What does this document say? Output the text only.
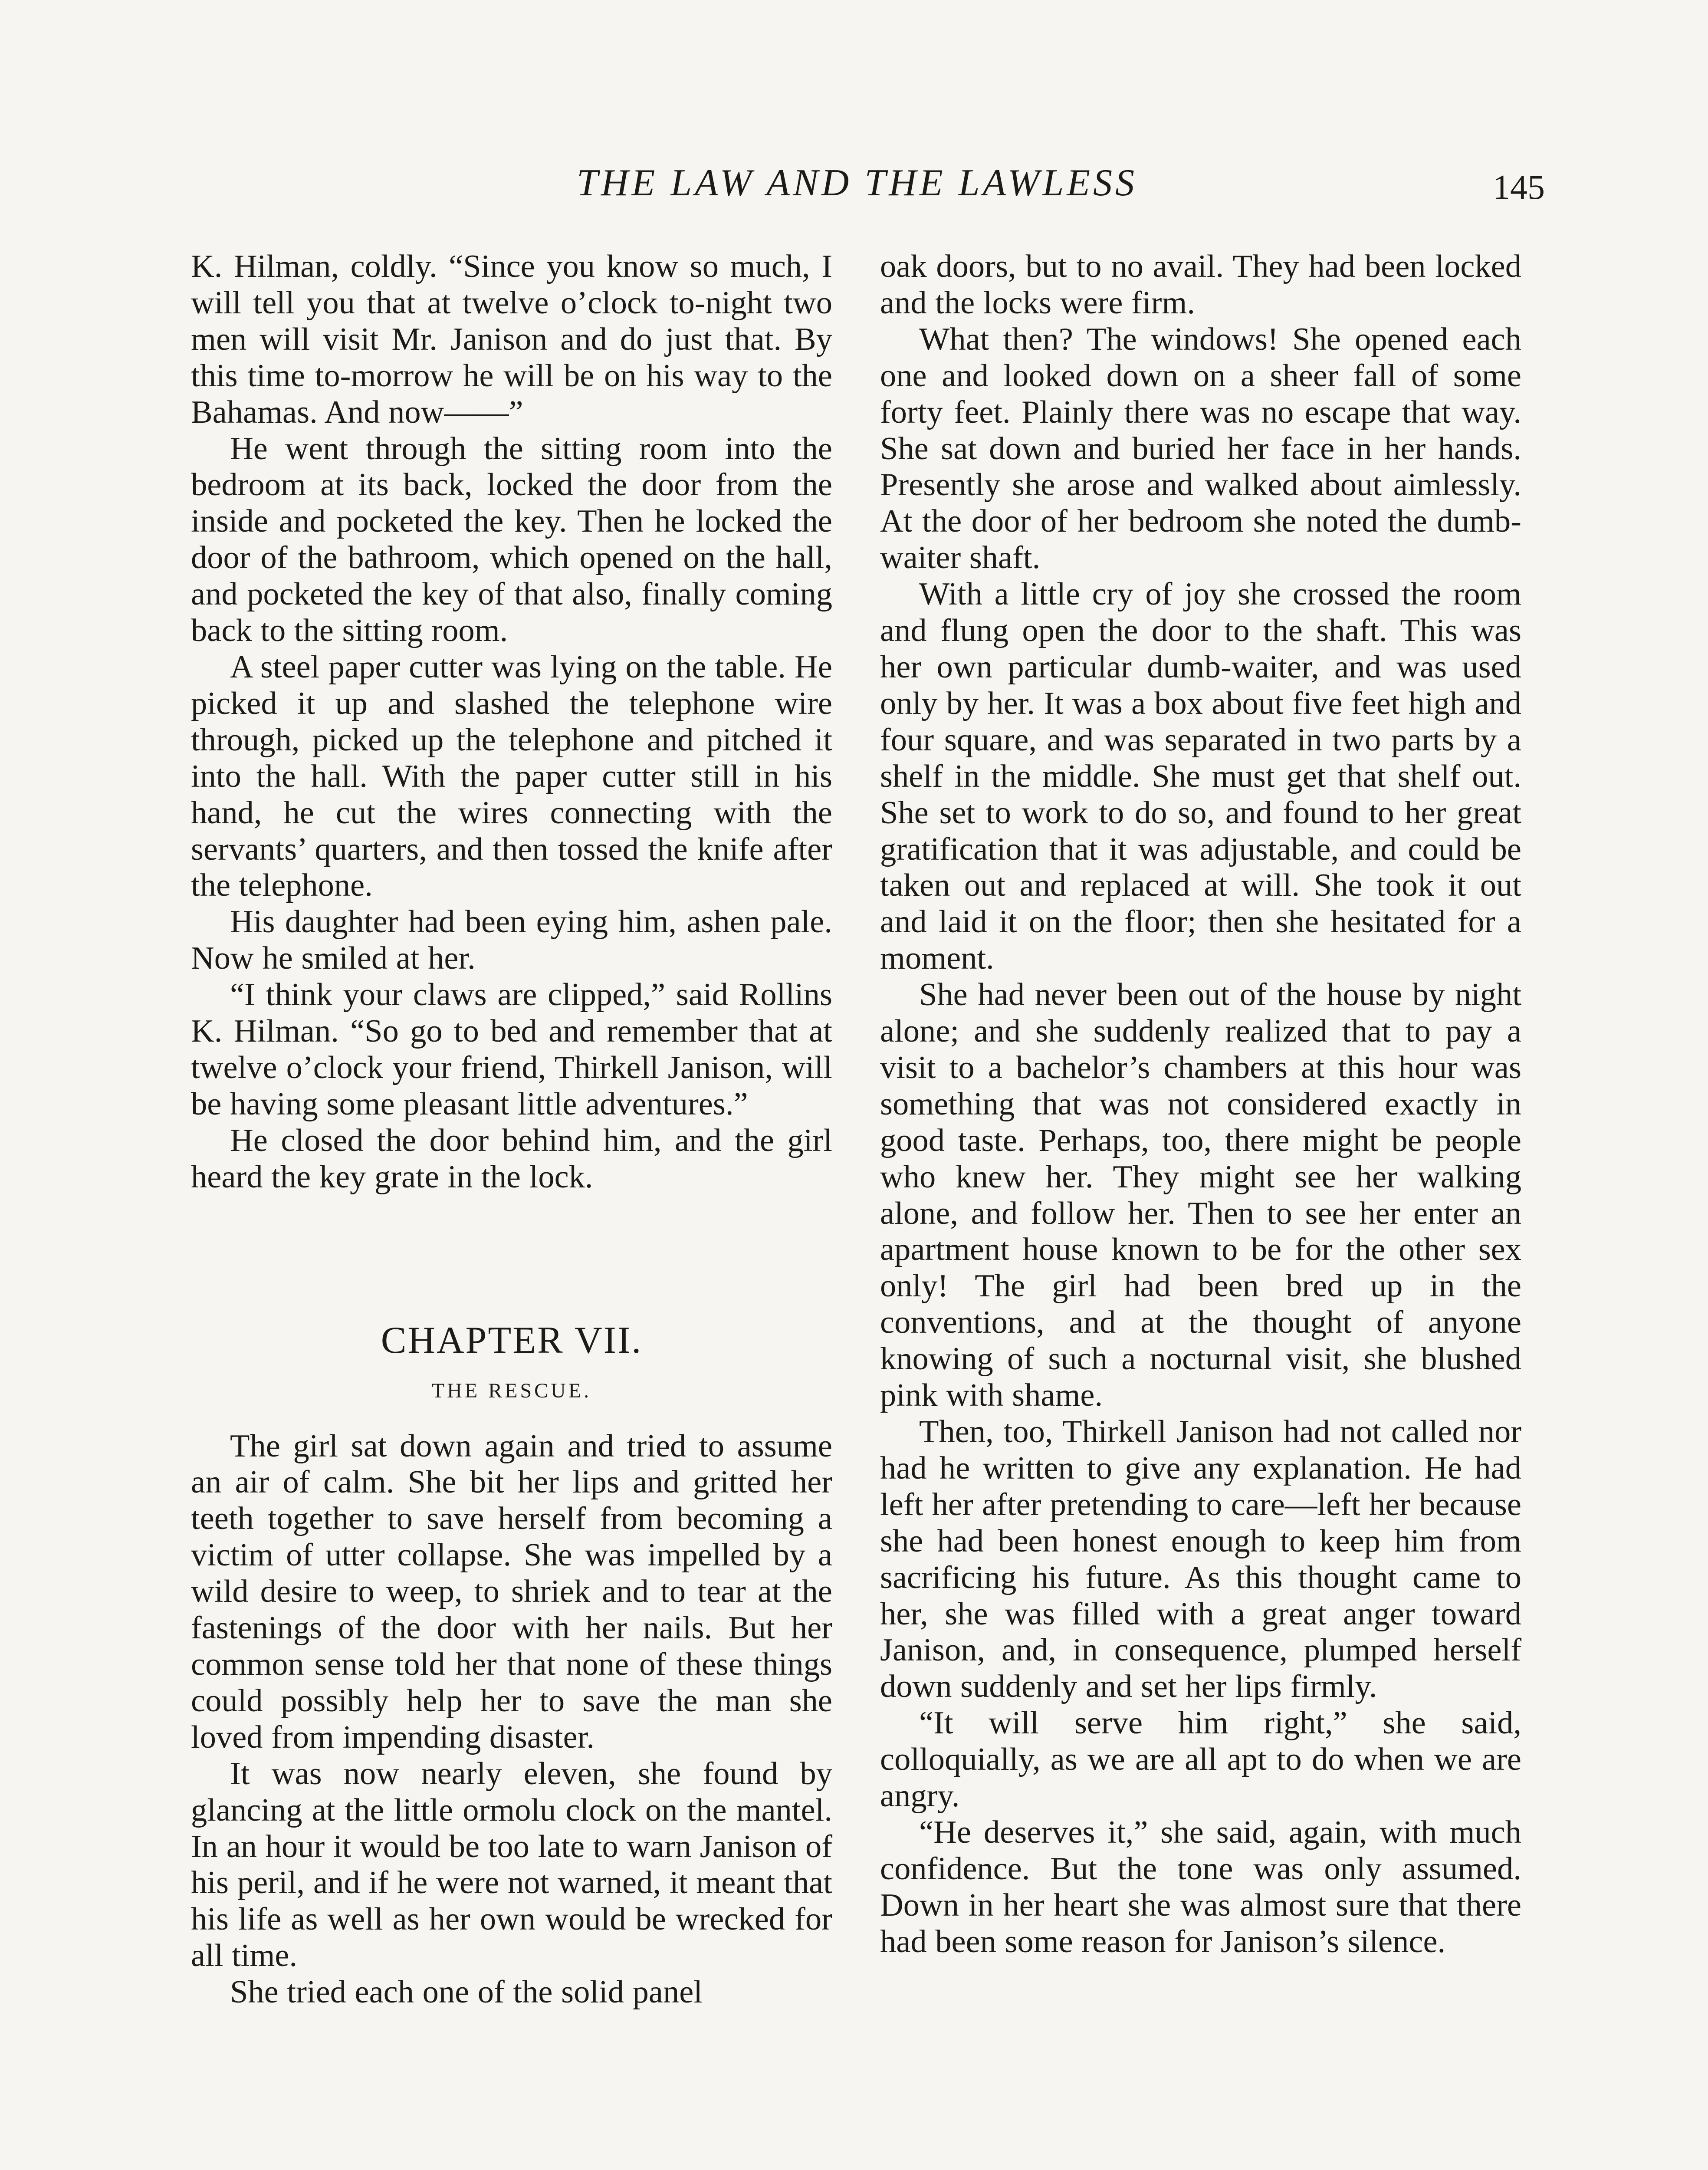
THE LAW AND THE LAWLESS	145

K. Hilman, coldly. “Since you know so much, I will tell you that at twelve o’clock to-night two men will visit Mr. Janison and do just that. By this time to-morrow he will be on his way to the Bahamas. And now——”

He went through the sitting room into the bedroom at its back, locked the door from the inside and pocketed the key. Then he locked the door of the bathroom, which opened on the hall, and pocketed the key of that also, finally coming back to the sitting room.

A steel paper cutter was lying on the table. He picked it up and slashed the telephone wire through, picked up the telephone and pitched it into the hall. With the paper cutter still in his hand, he cut the wires connecting with the servants’ quarters, and then tossed the knife after the telephone.

His daughter had been eying him, ashen pale. Now he smiled at her.

“I think your claws are clipped,” said Rollins K. Hilman. “So go to bed and remember that at twelve o’clock your friend, Thirkell Janison, will be having some pleasant little adventures.”

He closed the door behind him, and the girl heard the key grate in the lock.

CHAPTER VII.
THE RESCUE.

The girl sat down again and tried to assume an air of calm. She bit her lips and gritted her teeth together to save herself from becoming a victim of utter collapse. She was impelled by a wild desire to weep, to shriek and to tear at the fastenings of the door with her nails. But her common sense told her that none of these things could possibly help her to save the man she loved from impending disaster.

It was now nearly eleven, she found by glancing at the little ormolu clock on the mantel. In an hour it would be too late to warn Janison of his peril, and if he were not warned, it meant that his life as well as her own would be wrecked for all time.

She tried each one of the solid panel

oak doors, but to no avail. They had been locked and the locks were firm.

What then? The windows! She opened each one and looked down on a sheer fall of some forty feet. Plainly there was no escape that way. She sat down and buried her face in her hands. Presently she arose and walked about aimlessly. At the door of her bedroom she noted the dumb-waiter shaft.

With a little cry of joy she crossed the room and flung open the door to the shaft. This was her own particular dumb-waiter, and was used only by her. It was a box about five feet high and four square, and was separated in two parts by a shelf in the middle. She must get that shelf out. She set to work to do so, and found to her great gratification that it was adjustable, and could be taken out and replaced at will. She took it out and laid it on the floor; then she hesitated for a moment.

She had never been out of the house by night alone; and she suddenly realized that to pay a visit to a bachelor’s chambers at this hour was something that was not considered exactly in good taste. Perhaps, too, there might be people who knew her. They might see her walking alone, and follow her. Then to see her enter an apartment house known to be for the other sex only! The girl had been bred up in the conventions, and at the thought of anyone knowing of such a nocturnal visit, she blushed pink with shame.

Then, too, Thirkell Janison had not called nor had he written to give any explanation. He had left her after pretending to care—left her because she had been honest enough to keep him from sacrificing his future. As this thought came to her, she was filled with a great anger toward Janison, and, in consequence, plumped herself down suddenly and set her lips firmly.

“It will serve him right,” she said, colloquially, as we are all apt to do when we are angry.

“He deserves it,” she said, again, with much confidence. But the tone was only assumed. Down in her heart she was almost sure that there had been some reason for Janison’s silence.
